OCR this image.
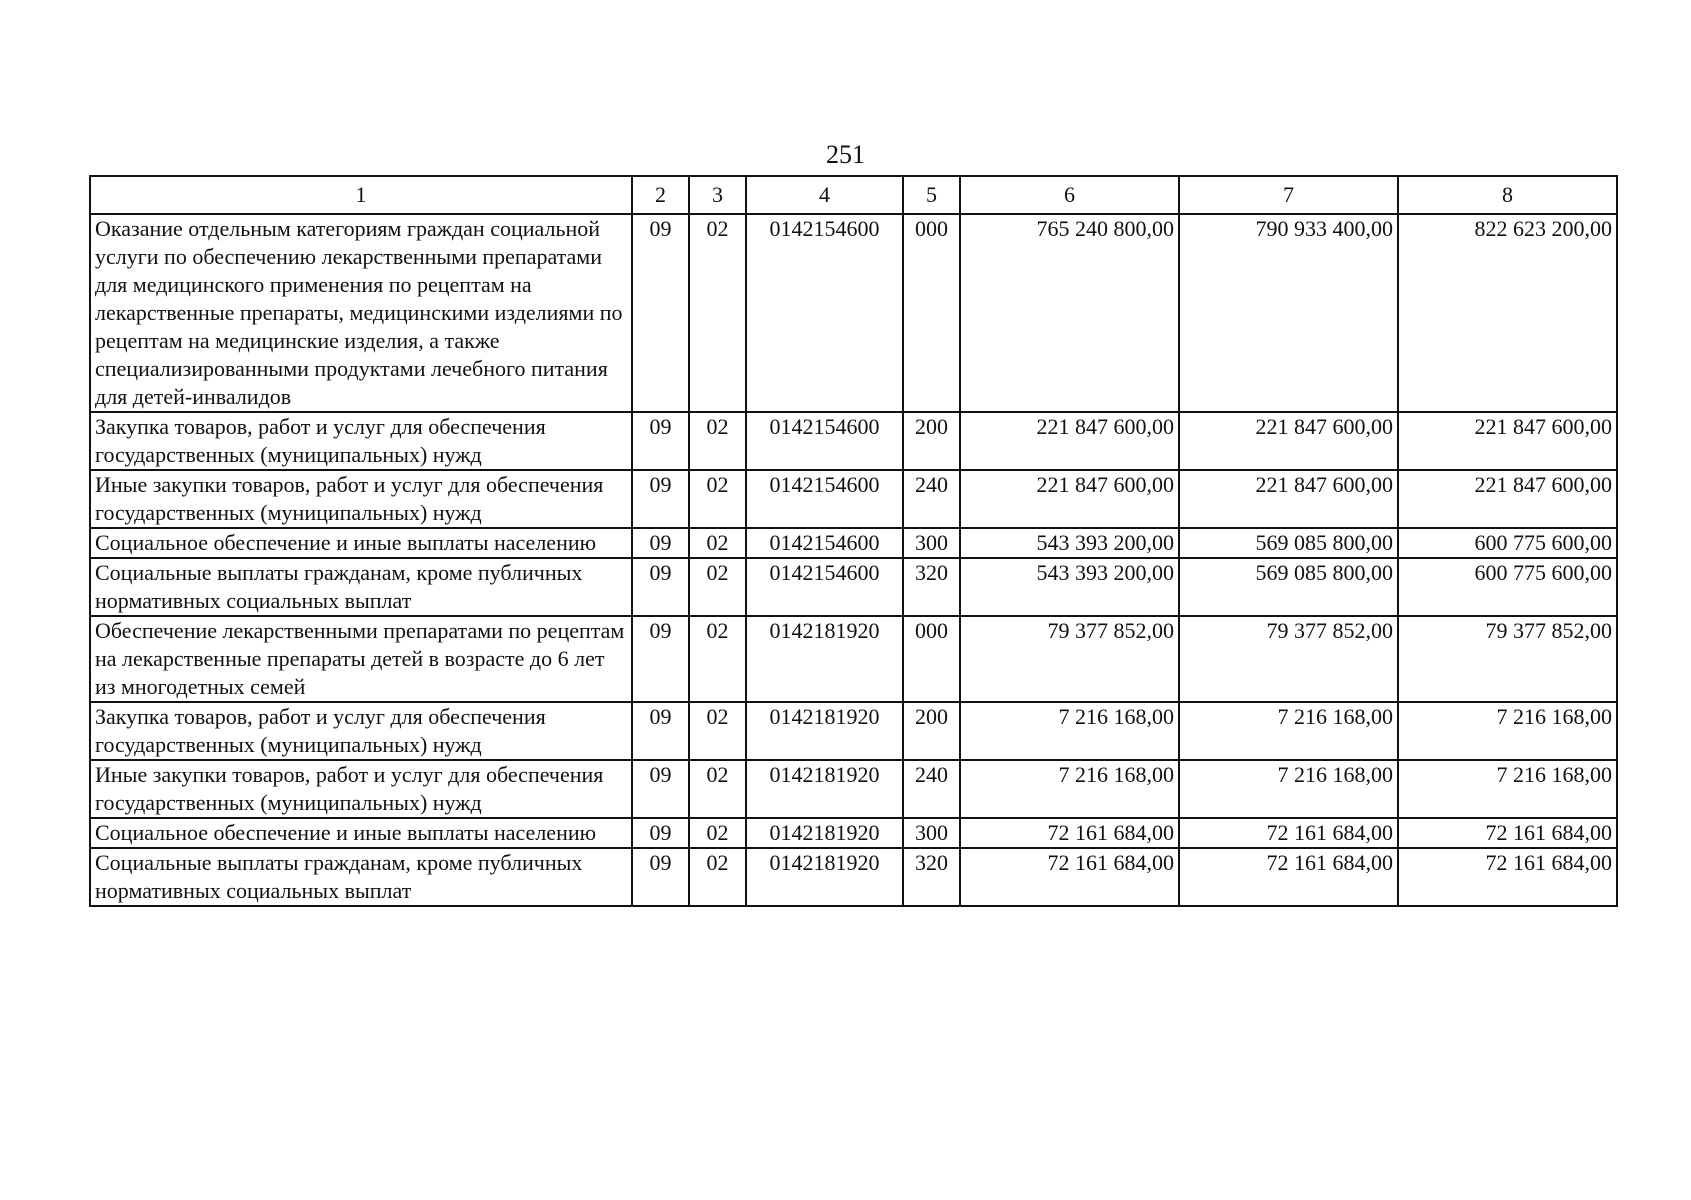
251
1	2	3	4	5	6	7	8
Оказание отдельным категориям граждан социальной услуги по обеспечению лекарственными препаратами для медицинского применения по рецептам на лекарственные препараты, медицинскими изделиями по рецептам на медицинские изделия, а также специализированными продуктами лечебного питания для детей-инвалидов	09	02	0142154600	000	765 240 800,00	790 933 400,00	822 623 200,00
Закупка товаров, работ и услуг для обеспечения государственных (муниципальных) нужд	09	02	0142154600	200	221 847 600,00	221 847 600,00	221 847 600,00
Иные закупки товаров, работ и услуг для обеспечения государственных (муниципальных) нужд	09	02	0142154600	240	221 847 600,00	221 847 600,00	221 847 600,00
Социальное обеспечение и иные выплаты населению	09	02	0142154600	300	543 393 200,00	569 085 800,00	600 775 600,00
Социальные выплаты гражданам, кроме публичных нормативных социальных выплат	09	02	0142154600	320	543 393 200,00	569 085 800,00	600 775 600,00
Обеспечение лекарственными препаратами по рецептам на лекарственные препараты детей в возрасте до 6 лет из многодетных семей	09	02	0142181920	000	79 377 852,00	79 377 852,00	79 377 852,00
Закупка товаров, работ и услуг для обеспечения государственных (муниципальных) нужд	09	02	0142181920	200	7 216 168,00	7 216 168,00	7 216 168,00
Иные закупки товаров, работ и услуг для обеспечения государственных (муниципальных) нужд	09	02	0142181920	240	7 216 168,00	7 216 168,00	7 216 168,00
Социальное обеспечение и иные выплаты населению	09	02	0142181920	300	72 161 684,00	72 161 684,00	72 161 684,00
Социальные выплаты гражданам, кроме публичных нормативных социальных выплат	09	02	0142181920	320	72 161 684,00	72 161 684,00	72 161 684,00
